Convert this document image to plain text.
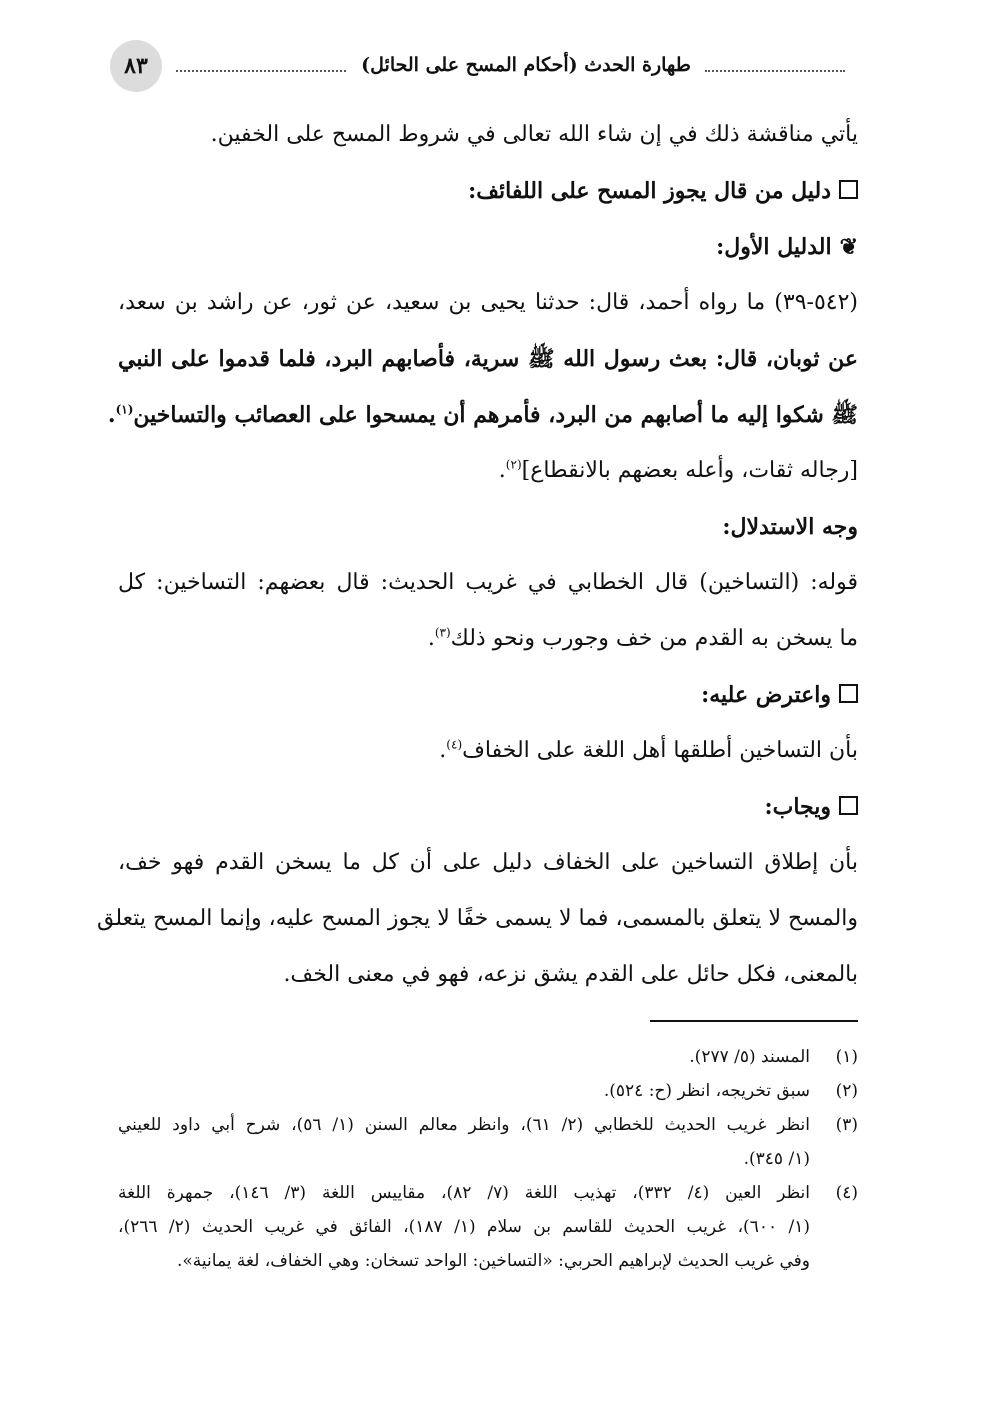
٨٣	طهارة الحدث (أحكام المسح على الحائل)
يأتي مناقشة ذلك في إن شاء الله تعالى في شروط المسح على الخفين.
دليل من قال يجوز المسح على اللفائف:
❦الدليل الأول:
(٥٤٢-٣٩) ما رواه أحمد، قال: حدثنا يحيى بن سعيد، عن ثور، عن راشد بن سعد،
عن ثوبان، قال: بعث رسول الله ﷺ سرية، فأصابهم البرد، فلما قدموا على النبي
ﷺ شكوا إليه ما أصابهم من البرد، فأمرهم أن يمسحوا على العصائب والتساخين$^{(١)}$.
[رجاله ثقات، وأعله بعضهم بالانقطاع]$^{(٢)}$.
وجه الاستدلال:
قوله: (التساخين) قال الخطابي في غريب الحديث: قال بعضهم: التساخين: كل
ما يسخن به القدم من خف وجورب ونحو ذلك$^{(٣)}$.
واعترض عليه:
بأن التساخين أطلقها أهل اللغة على الخفاف$^{(٤)}$.
ويجاب:
بأن إطلاق التساخين على الخفاف دليل على أن كل ما يسخن القدم فهو خف،
والمسح لا يتعلق بالمسمى، فما لا يسمى خفًا لا يجوز المسح عليه، وإنما المسح يتعلق
بالمعنى، فكل حائل على القدم يشق نزعه، فهو في معنى الخف.
(١)
المسند (٥/ ٢٧٧).
(٢)
سبق تخريجه، انظر (ح: ٥٢٤).
(٣)
انظر غريب الحديث للخطابي (٢/ ٦١)، وانظر معالم السنن (١/ ٥٦)، شرح أبي داود للعيني
(١/ ٣٤٥).
(٤)
انظر العين (٤/ ٣٣٢)، تهذيب اللغة (٧/ ٨٢)، مقاييس اللغة (٣/ ١٤٦)، جمهرة اللغة
(١/ ٦٠٠)، غريب الحديث للقاسم بن سلام (١/ ١٨٧)، الفائق في غريب الحديث (٢/ ٢٦٦)،
وفي غريب الحديث لإبراهيم الحربي: «التساخين: الواحد تسخان: وهي الخفاف، لغة يمانية».
